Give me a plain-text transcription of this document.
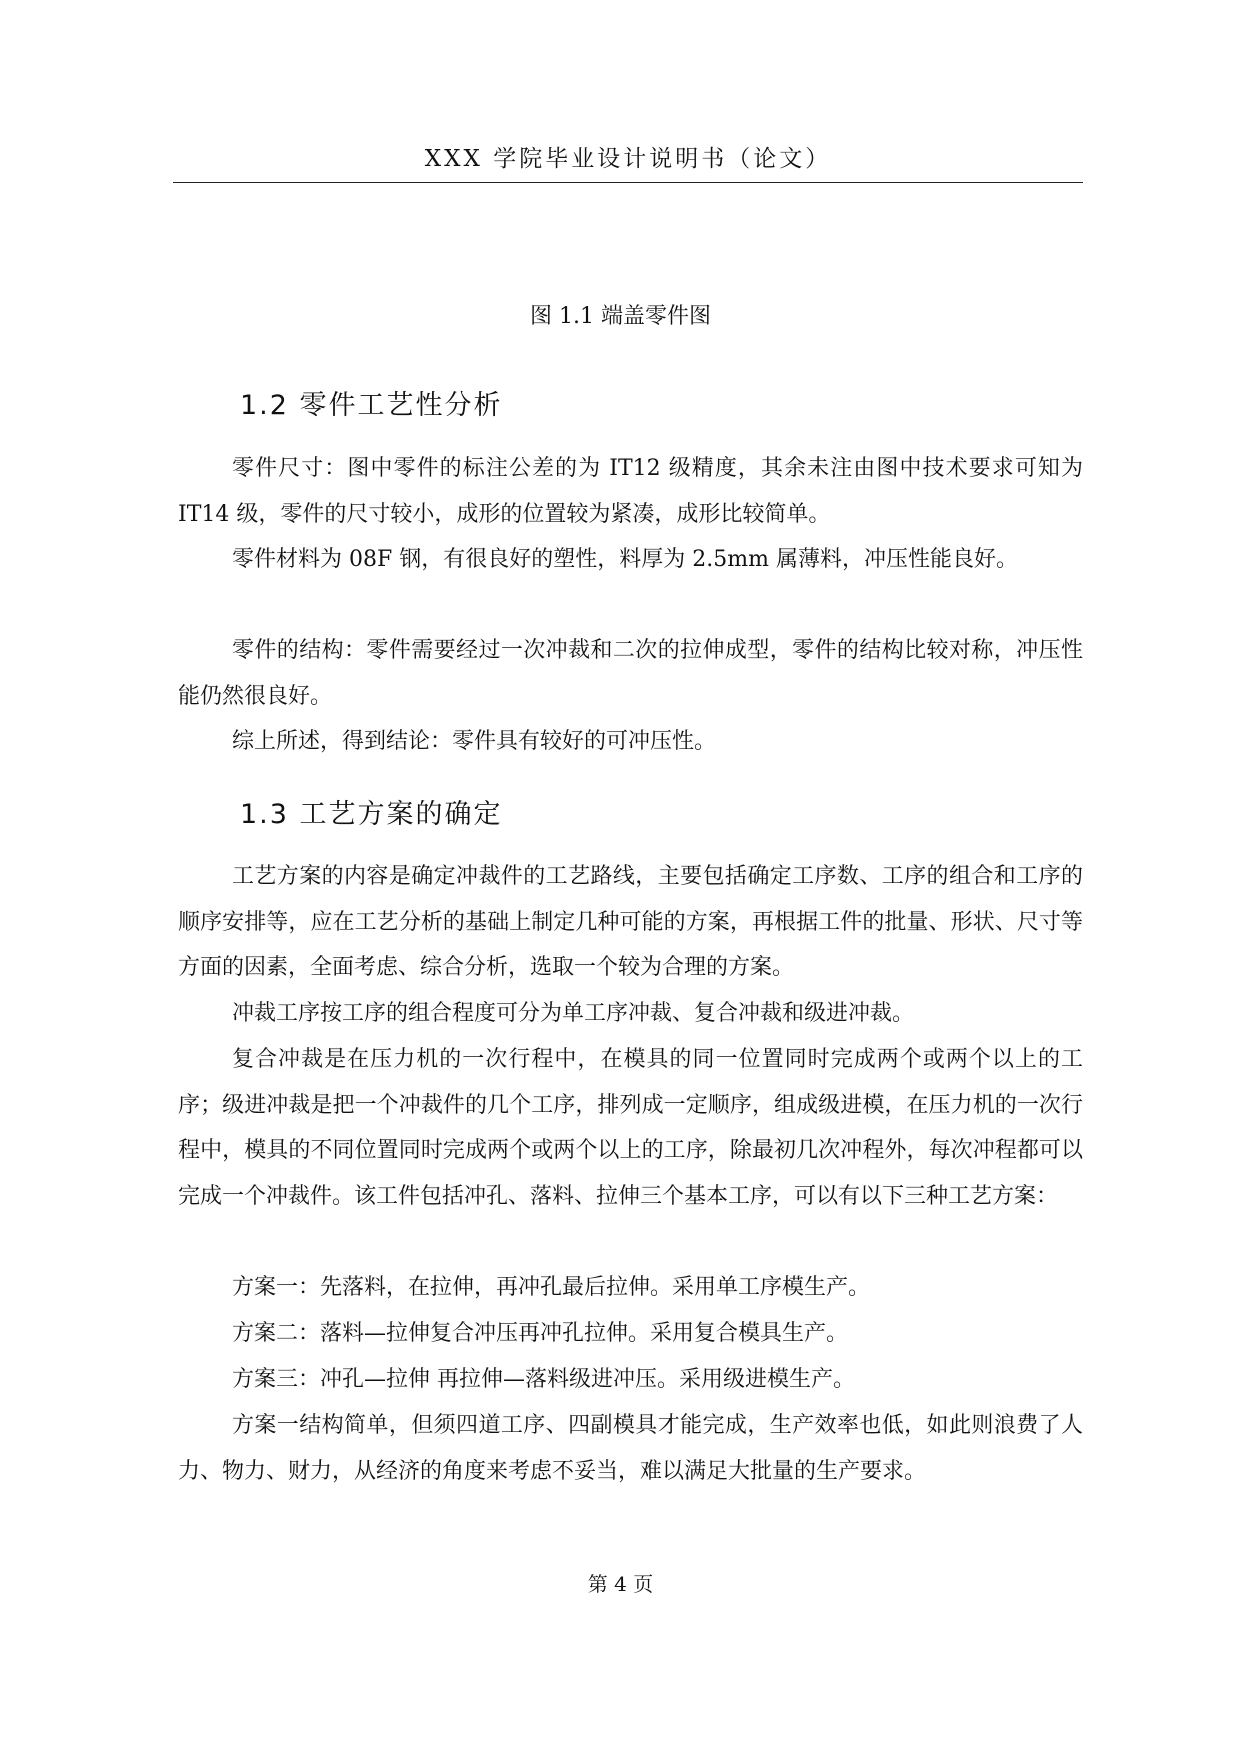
XXX 学院毕业设计说明书（论文）
图 1.1 端盖零件图
1.2 零件工艺性分析

零件尺寸：图中零件的标注公差的为 IT12 级精度，其余未注由图中技术要求可知为 IT14 级，零件的尺寸较小，成形的位置较为紧凑，成形比较简单。

零件材料为 08F 钢，有很良好的塑性，料厚为 2.5mm 属薄料，冲压性能良好。

零件的结构：零件需要经过一次冲裁和二次的拉伸成型，零件的结构比较对称，冲压性能仍然很良好。

综上所述，得到结论：零件具有较好的可冲压性。

1.3 工艺方案的确定

工艺方案的内容是确定冲裁件的工艺路线，主要包括确定工序数、工序的组合和工序的顺序安排等，应在工艺分析的基础上制定几种可能的方案，再根据工件的批量、形状、尺寸等方面的因素，全面考虑、综合分析，选取一个较为合理的方案。

冲裁工序按工序的组合程度可分为单工序冲裁、复合冲裁和级进冲裁。

复合冲裁是在压力机的一次行程中，在模具的同一位置同时完成两个或两个以上的工序；级进冲裁是把一个冲裁件的几个工序，排列成一定顺序，组成级进模，在压力机的一次行程中，模具的不同位置同时完成两个或两个以上的工序，除最初几次冲程外，每次冲程都可以完成一个冲裁件。该工件包括冲孔、落料、拉伸三个基本工序，可以有以下三种工艺方案：

方案一：先落料，在拉伸，再冲孔最后拉伸。采用单工序模生产。

方案二：落料—拉伸复合冲压再冲孔拉伸。采用复合模具生产。

方案三：冲孔—拉伸 再拉伸—落料级进冲压。采用级进模生产。

方案一结构简单，但须四道工序、四副模具才能完成，生产效率也低，如此则浪费了人力、物力、财力，从经济的角度来考虑不妥当，难以满足大批量的生产要求。

第 4 页
